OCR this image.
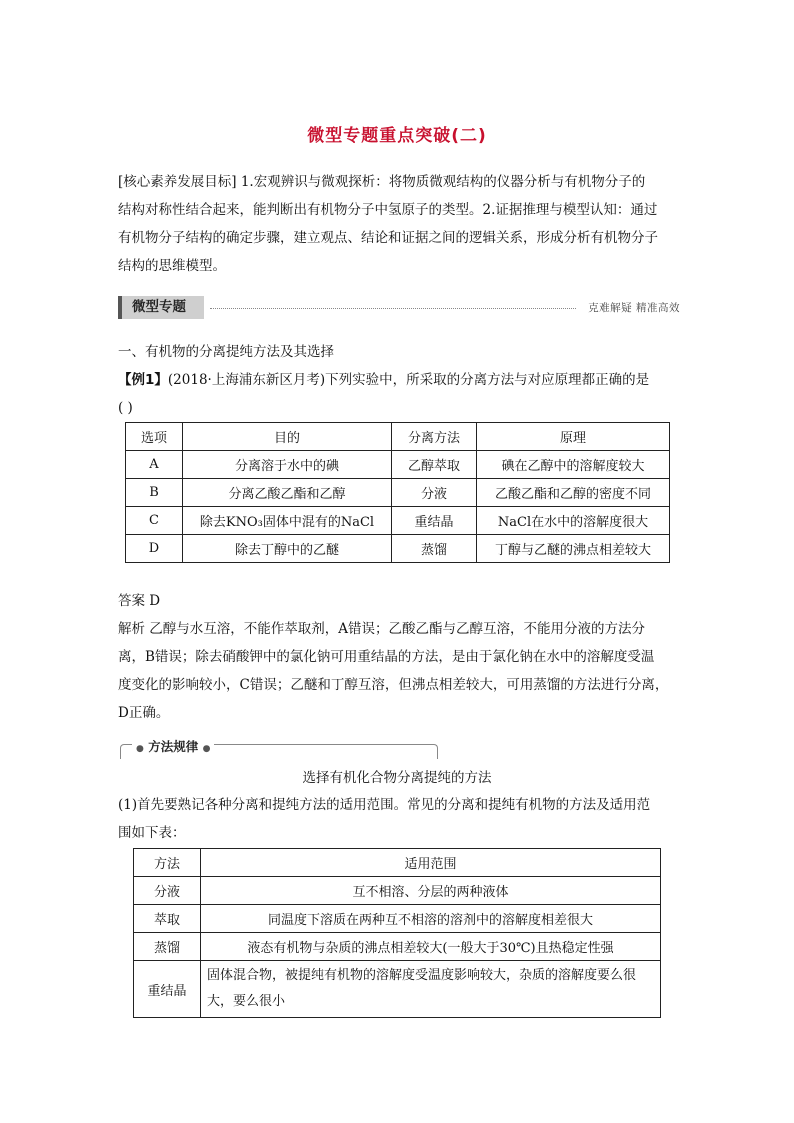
微型专题重点突破(二)
[核心素养发展目标] 1.宏观辨识与微观探析：将物质微观结构的仪器分析与有机物分子的
结构对称性结合起来，能判断出有机物分子中氢原子的类型。2.证据推理与模型认知：通过
有机物分子结构的确定步骤，建立观点、结论和证据之间的逻辑关系，形成分析有机物分子
结构的思维模型。
微型专题	克难解疑 精准高效
一、有机物的分离提纯方法及其选择
【例1】(2018·上海浦东新区月考)下列实验中，所采取的分离方法与对应原理都正确的是
( )
选项	目的	分离方法	原理
A	分离溶于水中的碘	乙醇萃取	碘在乙醇中的溶解度较大
B	分离乙酸乙酯和乙醇	分液	乙酸乙酯和乙醇的密度不同
C	除去KNO₃固体中混有的NaCl	重结晶	NaCl在水中的溶解度很大
D	除去丁醇中的乙醚	蒸馏	丁醇与乙醚的沸点相差较大
答案 D
解析 乙醇与水互溶，不能作萃取剂，A错误；乙酸乙酯与乙醇互溶，不能用分液的方法分
离，B错误；除去硝酸钾中的氯化钠可用重结晶的方法，是由于氯化钠在水中的溶解度受温
度变化的影响较小，C错误；乙醚和丁醇互溶，但沸点相差较大，可用蒸馏的方法进行分离，
D正确。
● 方法规律 ●
选择有机化合物分离提纯的方法
(1)首先要熟记各种分离和提纯方法的适用范围。常见的分离和提纯有机物的方法及适用范
围如下表：
方法	适用范围
分液	互不相溶、分层的两种液体
萃取	同温度下溶质在两种互不相溶的溶剂中的溶解度相差很大
蒸馏	液态有机物与杂质的沸点相差较大(一般大于30℃)且热稳定性强
重结晶	固体混合物，被提纯有机物的溶解度受温度影响较大，杂质的溶解度要么很大，要么很小
